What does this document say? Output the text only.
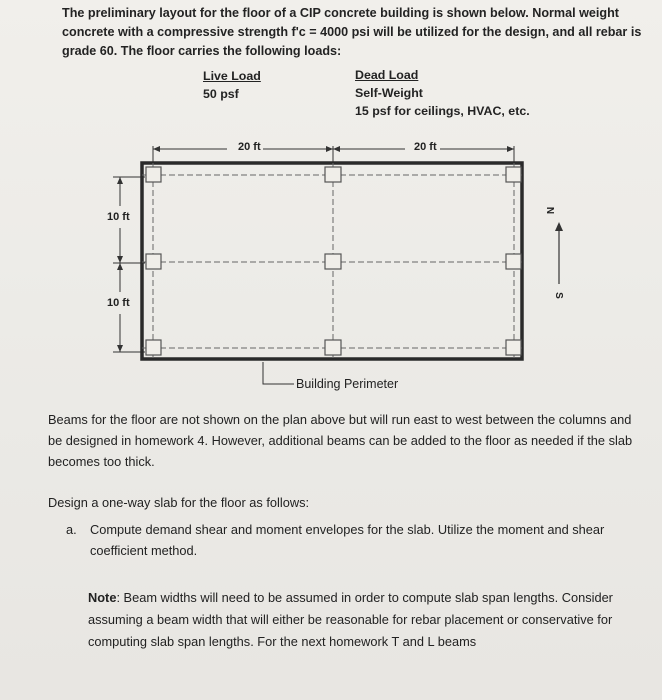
The preliminary layout for the floor of a CIP concrete building is shown below. Normal weight concrete with a compressive strength f'c = 4000 psi will be utilized for the design, and all rebar is grade 60. The floor carries the following loads:
Live Load
50 psf
Dead Load
Self-Weight
15 psf for ceilings, HVAC, etc.
20 ft	20 ft
10 ft
10 ft
N
S
Building Perimeter
Beams for the floor are not shown on the plan above but will run east to west between the columns and be designed in homework 4. However, additional beams can be added to the floor as needed if the slab becomes too thick.
Design a one-way slab for the floor as follows:
a.	Compute demand shear and moment envelopes for the slab. Utilize the moment and shear coefficient method.
Note: Beam widths will need to be assumed in order to compute slab span lengths. Consider assuming a beam width that will either be reasonable for rebar placement or conservative for computing slab span lengths. For the next homework T and L beams
